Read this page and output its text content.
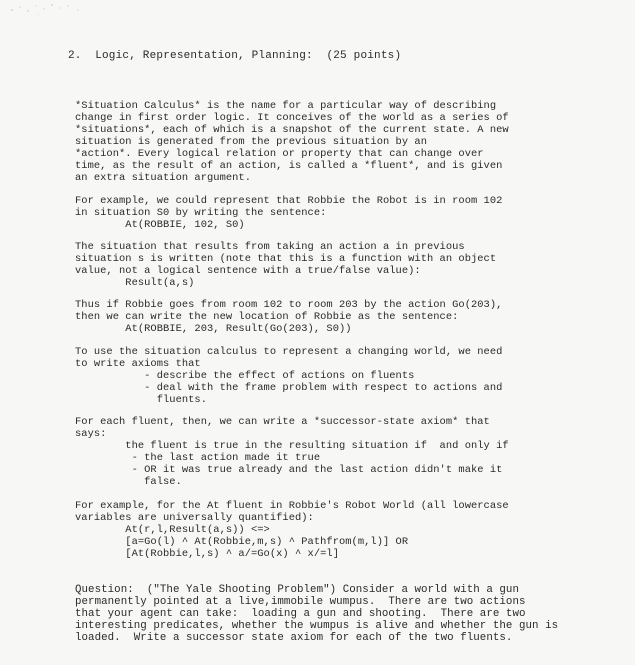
2.  Logic, Representation, Planning:  (25 points)
*Situation Calculus* is the name for a particular way of describing
change in first order logic. It conceives of the world as a series of
*situations*, each of which is a snapshot of the current state. A new
situation is generated from the previous situation by an
*action*. Every logical relation or property that can change over
time, as the result of an action, is called a *fluent*, and is given
an extra situation argument.
For example, we could represent that Robbie the Robot is in room 102
in situation S0 by writing the sentence:
At(ROBBIE, 102, S0)
The situation that results from taking an action a in previous
situation s is written (note that this is a function with an object
value, not a logical sentence with a true/false value):
Result(a,s)
Thus if Robbie goes from room 102 to room 203 by the action Go(203),
then we can write the new location of Robbie as the sentence:
At(ROBBIE, 203, Result(Go(203), S0))
To use the situation calculus to represent a changing world, we need
to write axioms that
- describe the effect of actions on fluents
- deal with the frame problem with respect to actions and
fluents.
For each fluent, then, we can write a *successor-state axiom* that
says:
the fluent is true in the resulting situation if  and only if
- the last action made it true
- OR it was true already and the last action didn't make it
false.
For example, for the At fluent in Robbie's Robot World (all lowercase
variables are universally quantified):
At(r,l,Result(a,s)) <=>
[a=Go(l) ^ At(Robbie,m,s) ^ Pathfrom(m,l)] OR
[At(Robbie,l,s) ^ a/=Go(x) ^ x/=l]
Question:  ("The Yale Shooting Problem") Consider a world with a gun
permanently pointed at a live,immobile wumpus.  There are two actions
that your agent can take:  loading a gun and shooting.  There are two
interesting predicates, whether the wumpus is alive and whether the gun is
loaded.  Write a successor state axiom for each of the two fluents.
